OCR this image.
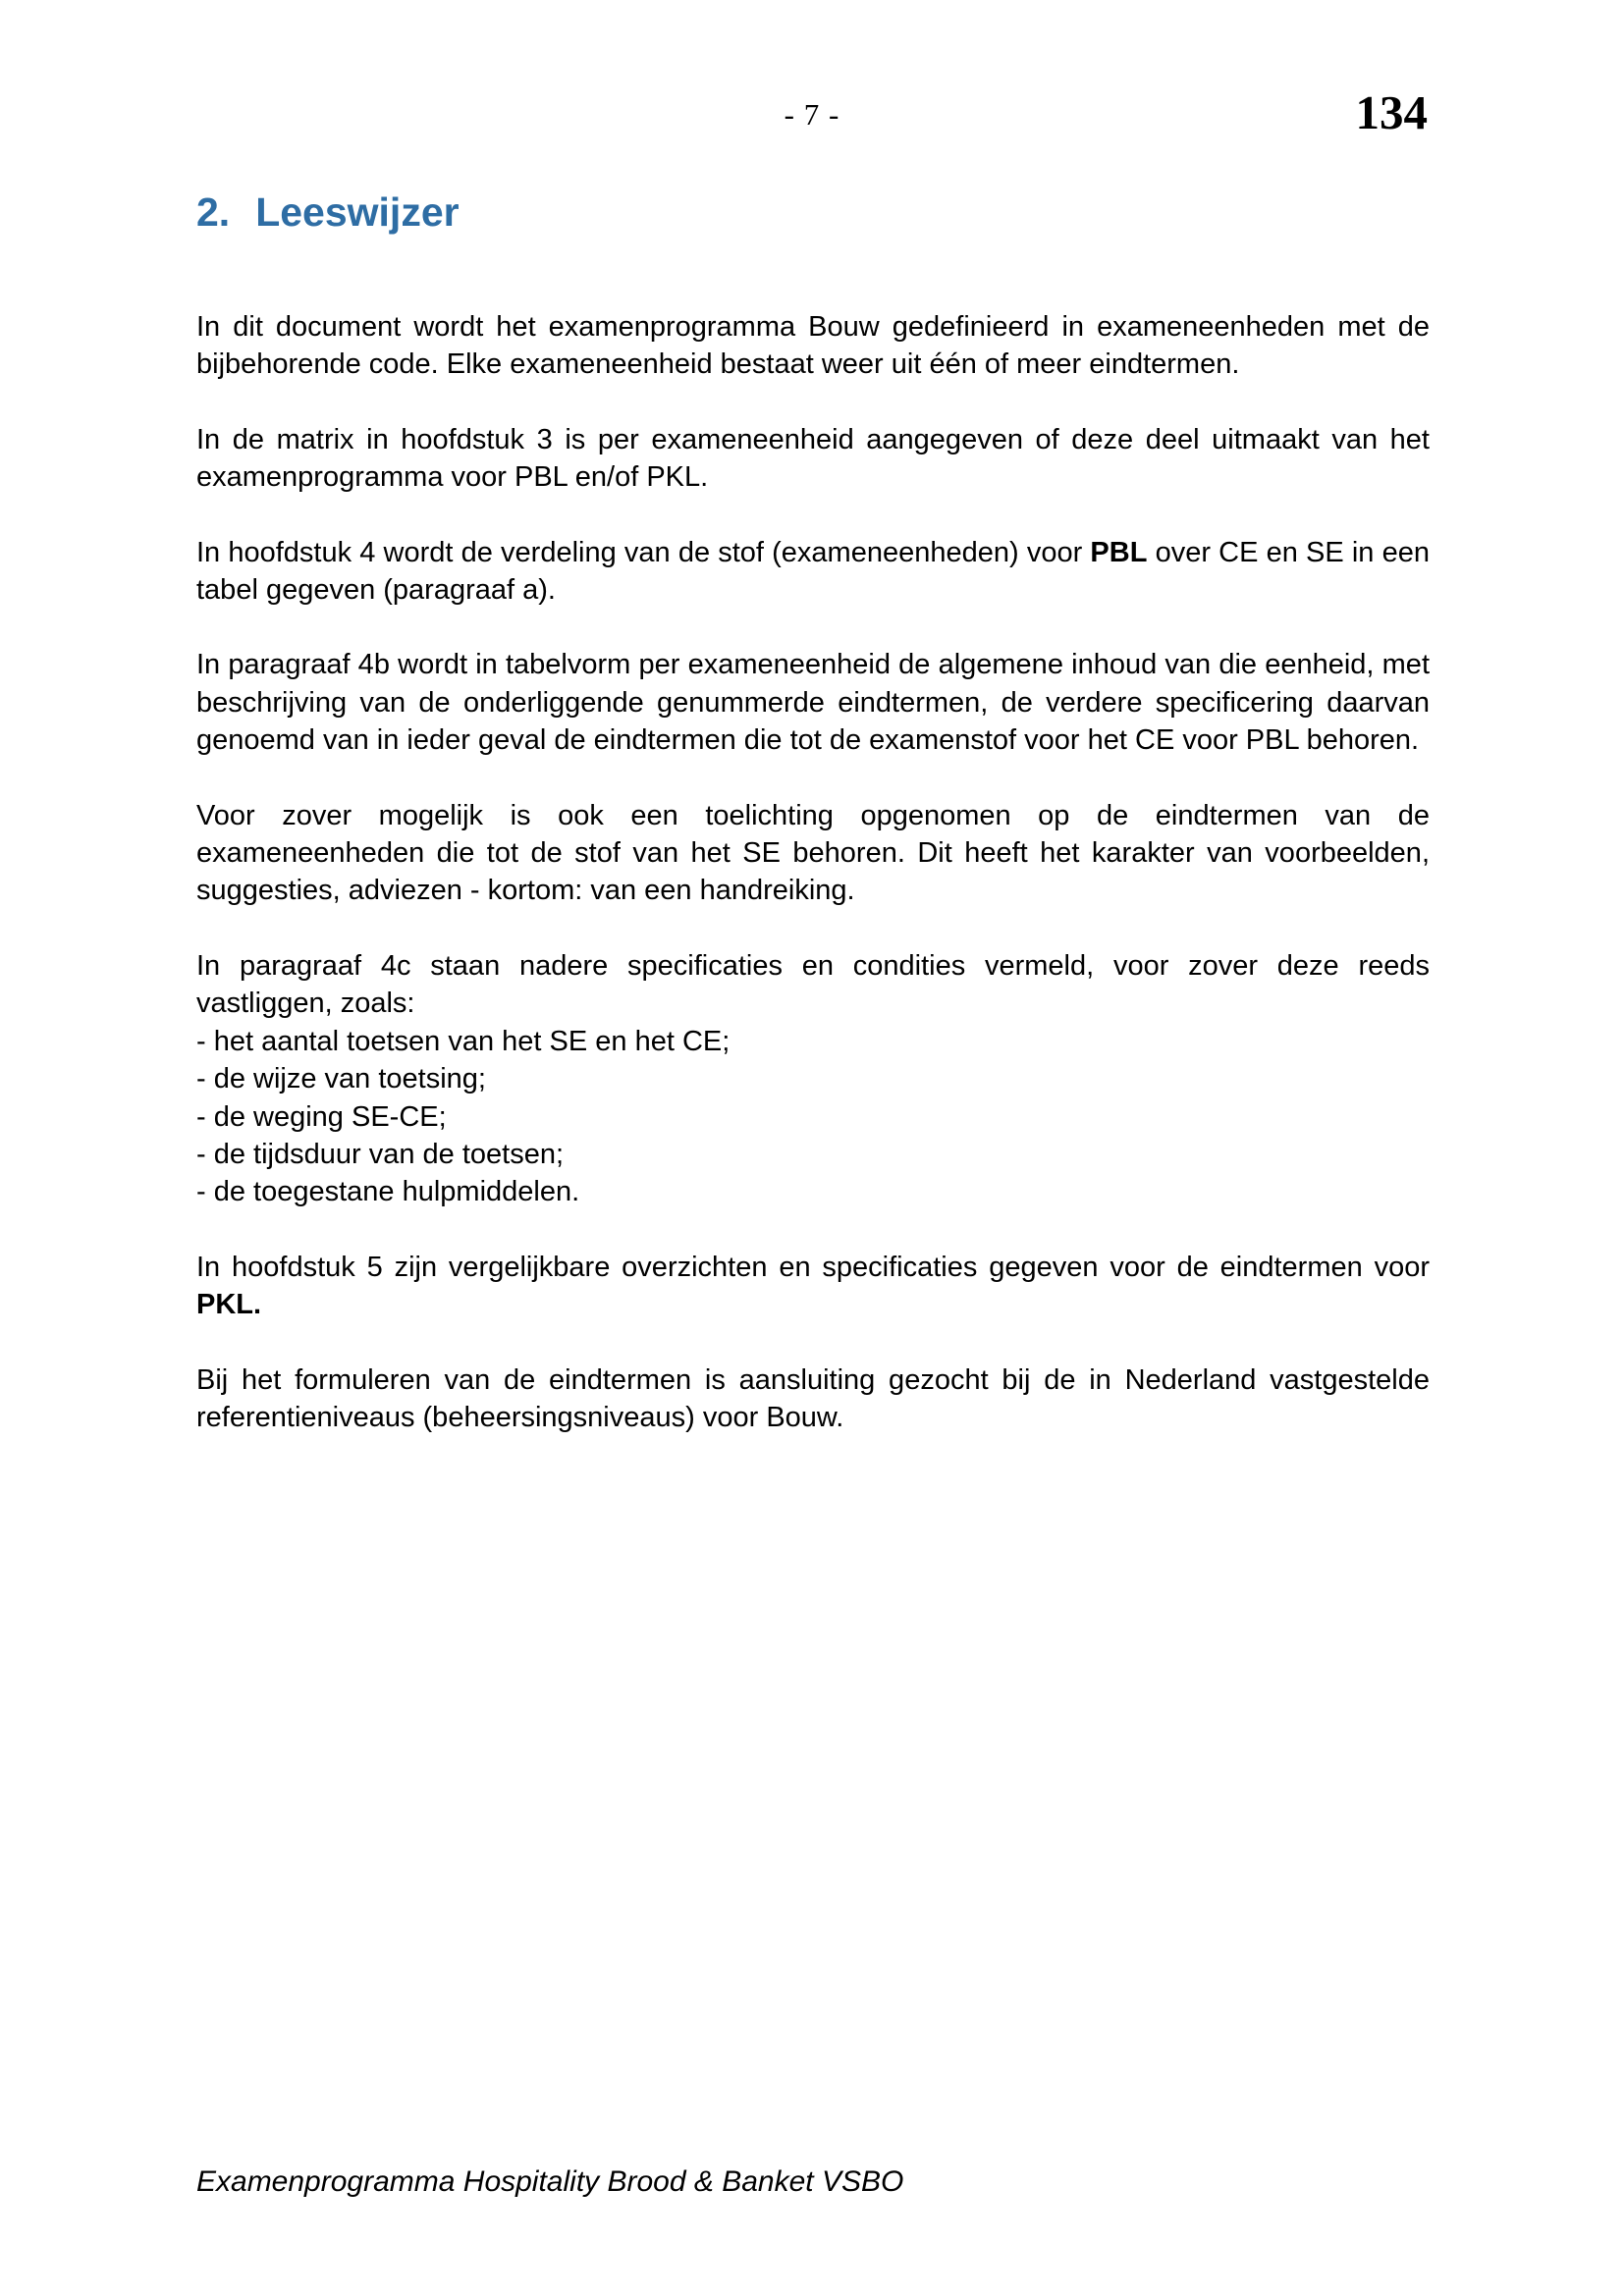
- 7 -	134
2. Leeswijzer

In dit document wordt het examenprogramma Bouw gedefinieerd in exameneenheden met de bijbehorende code. Elke exameneenheid bestaat weer uit één of meer eindtermen.

In de matrix in hoofdstuk 3 is per exameneenheid aangegeven of deze deel uitmaakt van het examenprogramma voor PBL en/of PKL.

In hoofdstuk 4 wordt de verdeling van de stof (exameneenheden) voor PBL over CE en SE in een tabel gegeven (paragraaf a).

In paragraaf 4b wordt in tabelvorm per exameneenheid de algemene inhoud van die eenheid, met beschrijving van de onderliggende genummerde eindtermen, de verdere specificering daarvan genoemd van in ieder geval de eindtermen die tot de examenstof voor het CE voor PBL behoren.

Voor zover mogelijk is ook een toelichting opgenomen op de eindtermen van de exameneenheden die tot de stof van het SE behoren. Dit heeft het karakter van voorbeelden, suggesties, adviezen - kortom: van een handreiking.

In paragraaf 4c staan nadere specificaties en condities vermeld, voor zover deze reeds vastliggen, zoals:

- het aantal toetsen van het SE en het CE;
- de wijze van toetsing;
- de weging SE-CE;
- de tijdsduur van de toetsen;
- de toegestane hulpmiddelen.

In hoofdstuk 5 zijn vergelijkbare overzichten en specificaties gegeven voor de eindtermen voor PKL.

Bij het formuleren van de eindtermen is aansluiting gezocht bij de in Nederland vastgestelde referentieniveaus (beheersingsniveaus) voor Bouw.

Examenprogramma Hospitality Brood & Banket VSBO
